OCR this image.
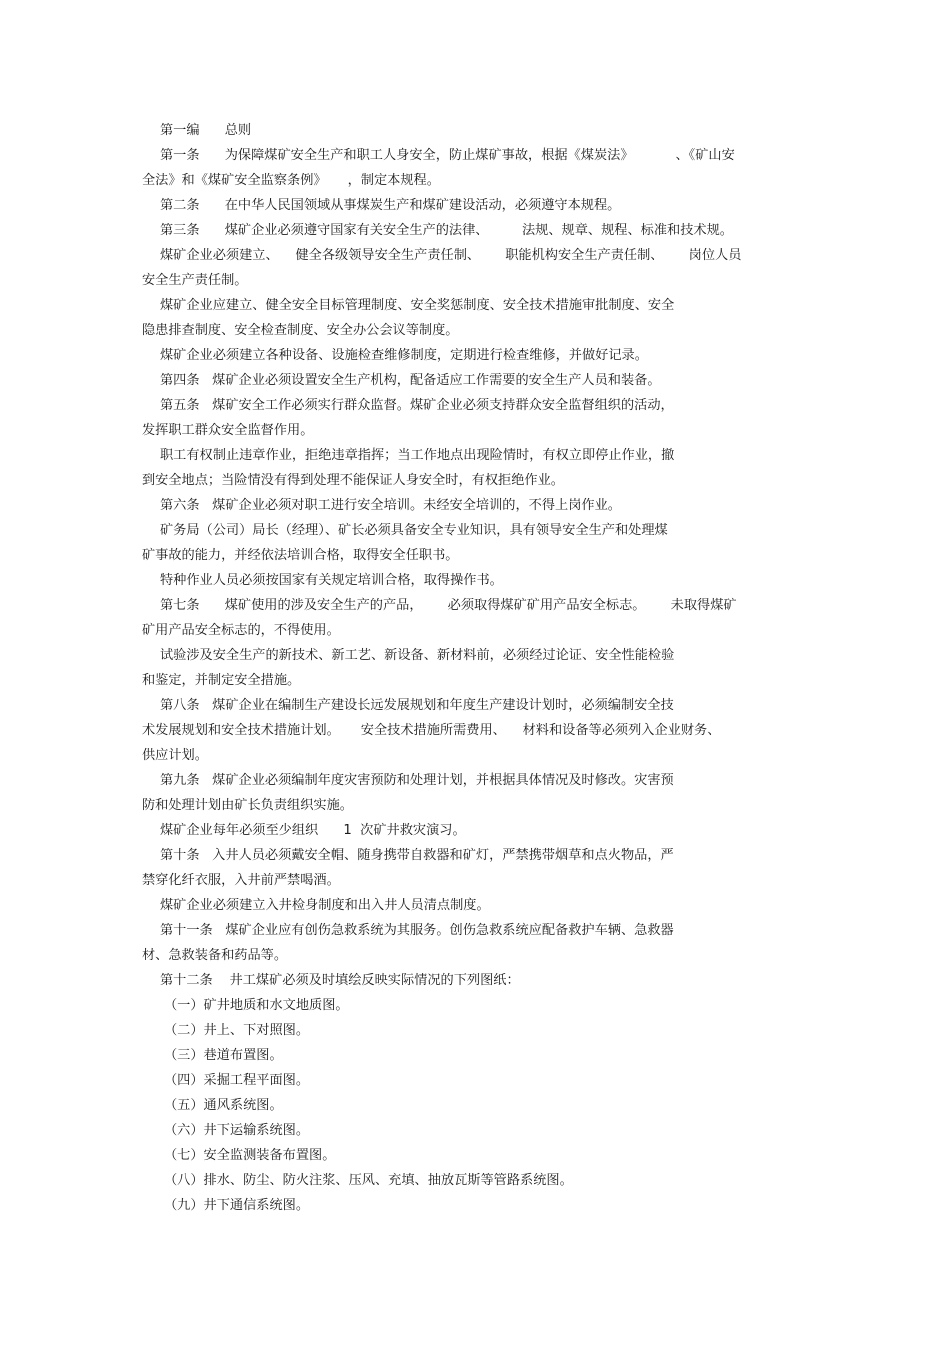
第一编      总则
第一条      为保障煤矿安全生产和职工人身安全，防止煤矿事故，根据《煤炭法》          、《矿山安
全法》和《煤矿安全监察条例》     ，制定本规程。
第二条      在中华人民国领域从事煤炭生产和煤矿建设活动，必须遵守本规程。
第三条      煤矿企业必须遵守国家有关安全生产的法律、        法规、规章、规程、标准和技术规。
煤矿企业必须建立、    健全各级领导安全生产责任制、      职能机构安全生产责任制、      岗位人员
安全生产责任制。
煤矿企业应建立、健全安全目标管理制度、安全奖惩制度、安全技术措施审批制度、安全
隐患排查制度、安全检查制度、安全办公会议等制度。
煤矿企业必须建立各种设备、设施检查维修制度，定期进行检查维修，并做好记录。
第四条   煤矿企业必须设置安全生产机构，配备适应工作需要的安全生产人员和装备。
第五条   煤矿安全工作必须实行群众监督。煤矿企业必须支持群众安全监督组织的活动，
发挥职工群众安全监督作用。
职工有权制止违章作业，拒绝违章指挥；当工作地点出现险情时，有权立即停止作业，撤
到安全地点；当险情没有得到处理不能保证人身安全时，有权拒绝作业。
第六条   煤矿企业必须对职工进行安全培训。未经安全培训的，不得上岗作业。
矿务局（公司）局长（经理）、矿长必须具备安全专业知识，具有领导安全生产和处理煤
矿事故的能力，并经依法培训合格，取得安全任职书。
特种作业人员必须按国家有关规定培训合格，取得操作书。
第七条      煤矿使用的涉及安全生产的产品，      必须取得煤矿矿用产品安全标志。      未取得煤矿
矿用产品安全标志的，不得使用。
试验涉及安全生产的新技术、新工艺、新设备、新材料前，必须经过论证、安全性能检验
和鉴定，并制定安全措施。
第八条   煤矿企业在编制生产建设长远发展规划和年度生产建设计划时，必须编制安全技
术发展规划和安全技术措施计划。     安全技术措施所需费用、    材料和设备等必须列入企业财务、
供应计划。
第九条   煤矿企业必须编制年度灾害预防和处理计划，并根据具体情况及时修改。灾害预
防和处理计划由矿长负责组织实施。
煤矿企业每年必须至少组织      1  次矿井救灾演习。
第十条   入井人员必须戴安全帽、随身携带自救器和矿灯，严禁携带烟草和点火物品，严
禁穿化纤衣服，入井前严禁喝酒。
煤矿企业必须建立入井检身制度和出入井人员清点制度。
第十一条   煤矿企业应有创伤急救系统为其服务。创伤急救系统应配备救护车辆、急救器
材、急救装备和药品等。
第十二条    井工煤矿必须及时填绘反映实际情况的下列图纸：
（一）矿井地质和水文地质图。
（二）井上、下对照图。
（三）巷道布置图。
（四）采掘工程平面图。
（五）通风系统图。
（六）井下运输系统图。
（七）安全监测装备布置图。
（八）排水、防尘、防火注浆、压风、充填、抽放瓦斯等管路系统图。
（九）井下通信系统图。
